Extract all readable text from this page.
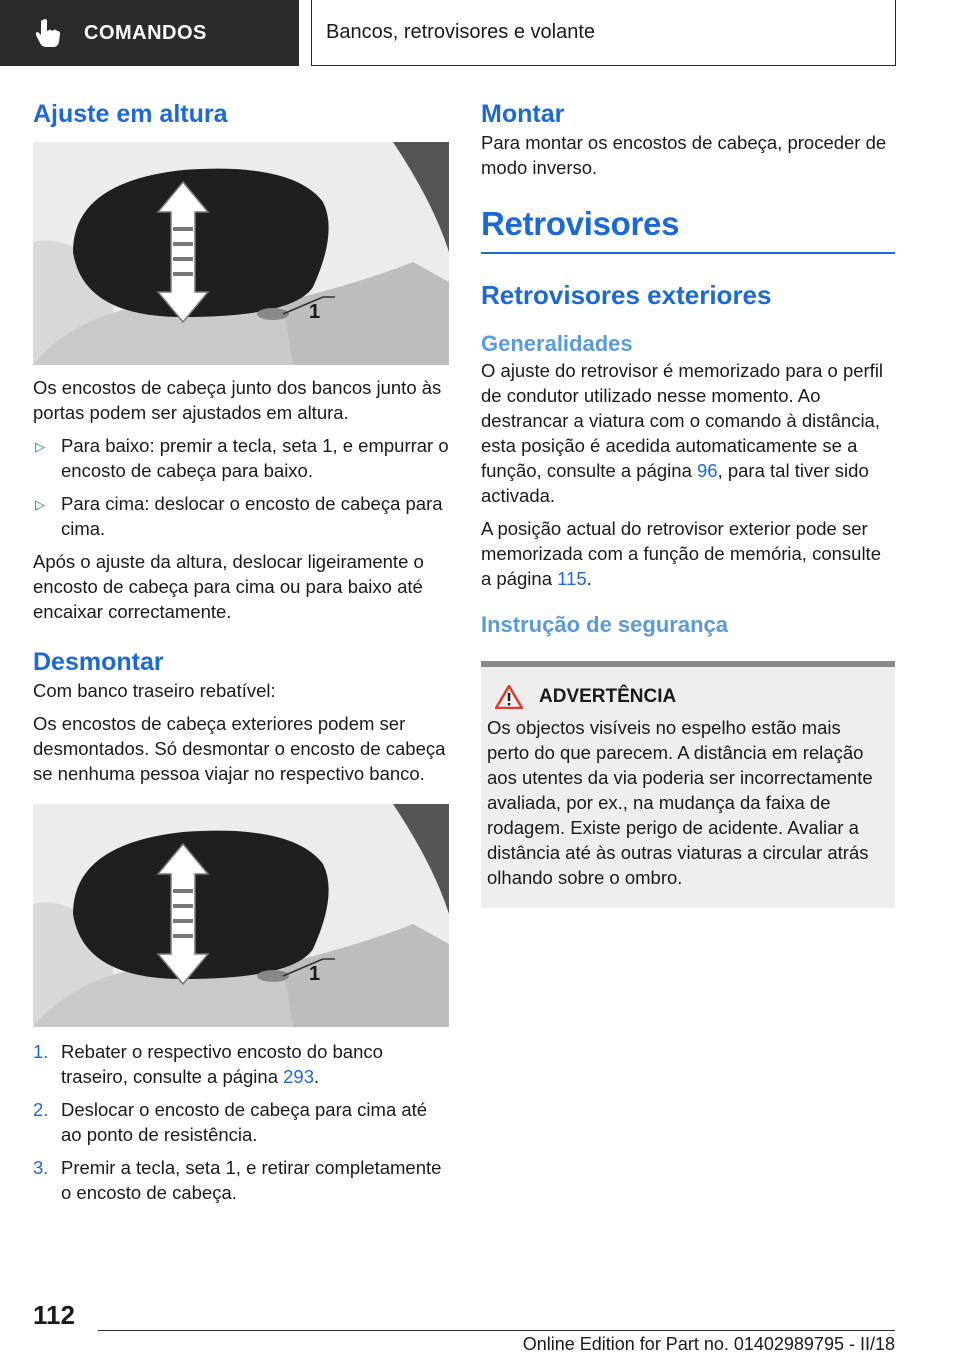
COMANDOS	Bancos, retrovisores e volante
Ajuste em altura
1

Os encostos de cabeça junto dos bancos junto às portas podem ser ajustados em altura.

▷ Para baixo: premir a tecla, seta 1, e empurrar o encosto de cabeça para baixo.
▷ Para cima: deslocar o encosto de cabeça para cima.

Após o ajuste da altura, deslocar ligeiramente o encosto de cabeça para cima ou para baixo até encaixar correctamente.

Desmontar

Com banco traseiro rebatível:

Os encostos de cabeça exteriores podem ser desmontados. Só desmontar o encosto de cabeça se nenhuma pessoa viajar no respectivo banco.

1
1. Rebater o respectivo encosto do banco traseiro, consulte a página 293.
2. Deslocar o encosto de cabeça para cima até ao ponto de resistência.
3. Premir a tecla, seta 1, e retirar completamente o encosto de cabeça.
Montar

Para montar os encostos de cabeça, proceder de modo inverso.

Retrovisores
Retrovisores exteriores
Generalidades

O ajuste do retrovisor é memorizado para o perfil de condutor utilizado nesse momento. Ao destrancar a viatura com o comando à distância, esta posição é acedida automaticamente se a função, consulte a página 96, para tal tiver sido activada.

A posição actual do retrovisor exterior pode ser memorizada com a função de memória, consulte a página 115.

Instrução de segurança
ADVERTÊNCIA

Os objectos visíveis no espelho estão mais perto do que parecem. A distância em relação aos utentes da via poderia ser incorrectamente avaliada, por ex., na mudança da faixa de rodagem. Existe perigo de acidente. Avaliar a distância até às outras viaturas a circular atrás olhando sobre o ombro.

112
Online Edition for Part no. 01402989795 - II/18
